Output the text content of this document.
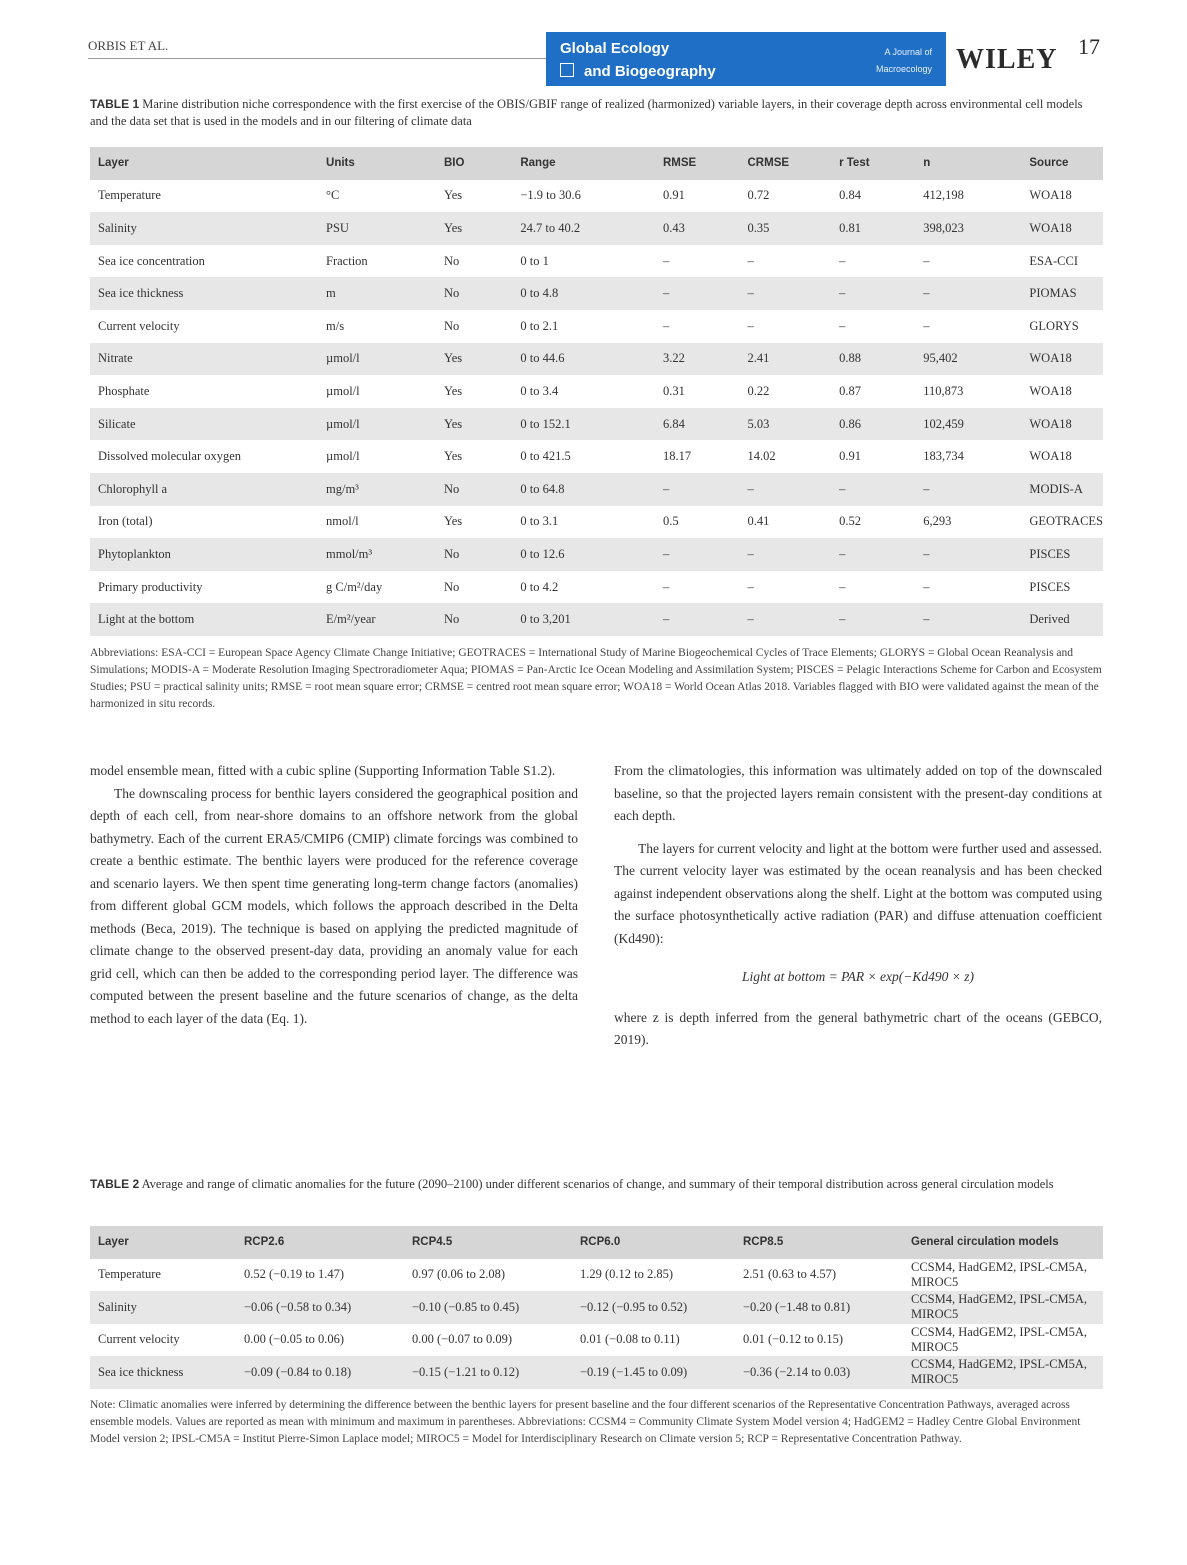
ORBIS ET AL.	Global Ecology
and Biogeography
A Journal of
Macroecology WILEY 17
TABLE 1 Marine distribution niche correspondence with the first exercise of the OBIS/GBIF range of realized (harmonized) variable layers, in their coverage depth across environmental cell models and the data set that is used in the models and in our filtering of climate data
Layer	Units	BIO	Range	RMSE	CRMSE	r Test	n	Source
Temperature	°C	Yes	−1.9 to 30.6	0.91	0.72	0.84	412,198	WOA18
Salinity	PSU	Yes	24.7 to 40.2	0.43	0.35	0.81	398,023	WOA18
Sea ice concentration	Fraction	No	0 to 1	–	–	–	–	ESA-CCI
Sea ice thickness	m	No	0 to 4.8	–	–	–	–	PIOMAS
Current velocity	m/s	No	0 to 2.1	–	–	–	–	GLORYS
Nitrate	µmol/l	Yes	0 to 44.6	3.22	2.41	0.88	95,402	WOA18
Phosphate	µmol/l	Yes	0 to 3.4	0.31	0.22	0.87	110,873	WOA18
Silicate	µmol/l	Yes	0 to 152.1	6.84	5.03	0.86	102,459	WOA18
Dissolved molecular oxygen	µmol/l	Yes	0 to 421.5	18.17	14.02	0.91	183,734	WOA18
Chlorophyll a	mg/m³	No	0 to 64.8	–	–	–	–	MODIS-A
Iron (total)	nmol/l	Yes	0 to 3.1	0.5	0.41	0.52	6,293	GEOTRACES
Phytoplankton	mmol/m³	No	0 to 12.6	–	–	–	–	PISCES
Primary productivity	g C/m²/day	No	0 to 4.2	–	–	–	–	PISCES
Light at the bottom	E/m²/year	No	0 to 3,201	–	–	–	–	Derived
Abbreviations: ESA-CCI = European Space Agency Climate Change Initiative; GEOTRACES = International Study of Marine Biogeochemical Cycles of Trace Elements; GLORYS = Global Ocean Reanalysis and Simulations; MODIS-A = Moderate Resolution Imaging Spectroradiometer Aqua; PIOMAS = Pan-Arctic Ice Ocean Modeling and Assimilation System; PISCES = Pelagic Interactions Scheme for Carbon and Ecosystem Studies; PSU = practical salinity units; RMSE = root mean square error; CRMSE = centred root mean square error; WOA18 = World Ocean Atlas 2018. Variables flagged with BIO were validated against the mean of the harmonized in situ records.

model ensemble mean, fitted with a cubic spline (Supporting Information Table S1.2).

The downscaling process for benthic layers considered the geographical position and depth of each cell, from near-shore domains to an offshore network from the global bathymetry. Each of the current ERA5/CMIP6 (CMIP) climate forcings was combined to create a benthic estimate. The benthic layers were produced for the reference coverage and scenario layers. We then spent time generating long-term change factors (anomalies) from different global GCM models, which follows the approach described in the Delta methods (Beca, 2019). The technique is based on applying the predicted magnitude of climate change to the observed present-day data, providing an anomaly value for each grid cell, which can then be added to the corresponding period layer. The difference was computed between the present baseline and the future scenarios of change, as the delta method to each layer of the data (Eq. 1).

From the climatologies, this information was ultimately added on top of the downscaled baseline, so that the projected layers remain consistent with the present-day conditions at each depth.

The layers for current velocity and light at the bottom were further used and assessed. The current velocity layer was estimated by the ocean reanalysis and has been checked against independent observations along the shelf. Light at the bottom was computed using the surface photosynthetically active radiation (PAR) and diffuse attenuation coefficient (Kd490):

Light at bottom = PAR × exp(−Kd490 × z)

where z is depth inferred from the general bathymetric chart of the oceans (GEBCO, 2019).

TABLE 2 Average and range of climatic anomalies for the future (2090–2100) under different scenarios of change, and summary of their temporal distribution across general circulation models
Layer	RCP2.6	RCP4.5	RCP6.0	RCP8.5	General circulation models
Temperature	0.52 (−0.19 to 1.47)	0.97 (0.06 to 2.08)	1.29 (0.12 to 2.85)	2.51 (0.63 to 4.57)	CCSM4, HadGEM2, IPSL-CM5A, MIROC5
Salinity	−0.06 (−0.58 to 0.34)	−0.10 (−0.85 to 0.45)	−0.12 (−0.95 to 0.52)	−0.20 (−1.48 to 0.81)	CCSM4, HadGEM2, IPSL-CM5A, MIROC5
Current velocity	0.00 (−0.05 to 0.06)	0.00 (−0.07 to 0.09)	0.01 (−0.08 to 0.11)	0.01 (−0.12 to 0.15)	CCSM4, HadGEM2, IPSL-CM5A, MIROC5
Sea ice thickness	−0.09 (−0.84 to 0.18)	−0.15 (−1.21 to 0.12)	−0.19 (−1.45 to 0.09)	−0.36 (−2.14 to 0.03)	CCSM4, HadGEM2, IPSL-CM5A, MIROC5
Note: Climatic anomalies were inferred by determining the difference between the benthic layers for present baseline and the four different scenarios of the Representative Concentration Pathways, averaged across ensemble models. Values are reported as mean with minimum and maximum in parentheses. Abbreviations: CCSM4 = Community Climate System Model version 4; HadGEM2 = Hadley Centre Global Environment Model version 2; IPSL-CM5A = Institut Pierre-Simon Laplace model; MIROC5 = Model for Interdisciplinary Research on Climate version 5; RCP = Representative Concentration Pathway.
